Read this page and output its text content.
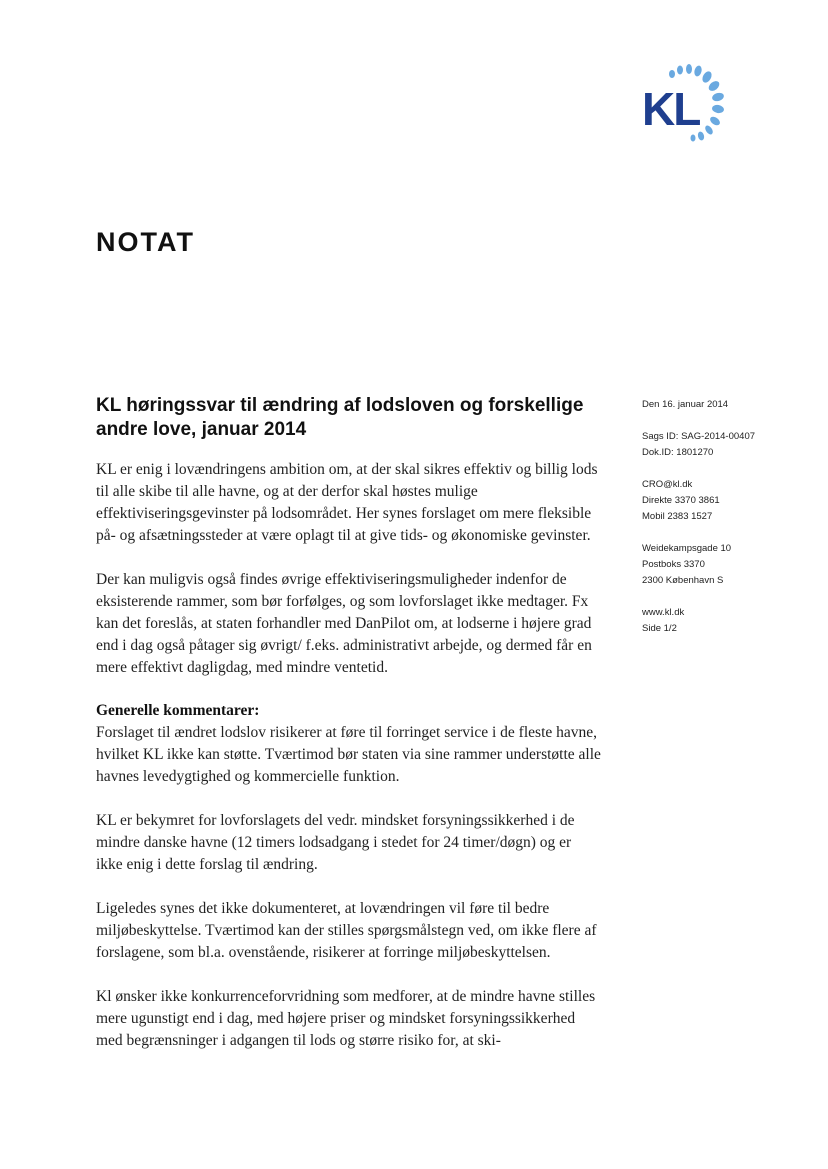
KL
NOTAT
KL høringssvar til ændring af lodsloven og forskellige andre love, januar 2014

KL er enig i lovændringens ambition om, at der skal sikres effektiv og billig lods til alle skibe til alle havne, og at der derfor skal høstes mulige effektiviseringsgevinster på lodsområdet. Her synes forslaget om mere fleksible på- og afsætningssteder at være oplagt til at give tids- og økonomiske gevinster.

Der kan muligvis også findes øvrige effektiviseringsmuligheder indenfor de eksisterende rammer, som bør forfølges, og som lovforslaget ikke medtager. Fx kan det foreslås, at staten forhandler med DanPilot om, at lodserne i højere grad end i dag også påtager sig øvrigt/ f.eks. administrativt arbejde, og dermed får en mere effektivt dagligdag, med mindre ventetid.

Generelle kommentarer:

Forslaget til ændret lodslov risikerer at føre til forringet service i de fleste havne, hvilket KL ikke kan støtte. Tværtimod bør staten via sine rammer understøtte alle havnes levedygtighed og kommercielle funktion.

KL er bekymret for lovforslagets del vedr. mindsket forsyningssikkerhed i de mindre danske havne (12 timers lodsadgang i stedet for 24 timer/døgn) og er ikke enig i dette forslag til ændring.

Ligeledes synes det ikke dokumenteret, at lovændringen vil føre til bedre miljøbeskyttelse. Tværtimod kan der stilles spørgsmålstegn ved, om ikke flere af forslagene, som bl.a. ovenstående, risikerer at forringe miljøbeskyttelsen.

Kl ønsker ikke konkurrenceforvridning som medforer, at de mindre havne stilles mere ugunstigt end i dag, med højere priser og mindsket forsyningssikkerhed med begrænsninger i adgangen til lods og større risiko for, at ski-

Den 16. januar 2014
Sags ID: SAG-2014-00407
Dok.ID: 1801270
CRO@kl.dk
Direkte 3370 3861
Mobil 2383 1527
Weidekampsgade 10
Postboks 3370
2300 København S
www.kl.dk
Side 1/2
